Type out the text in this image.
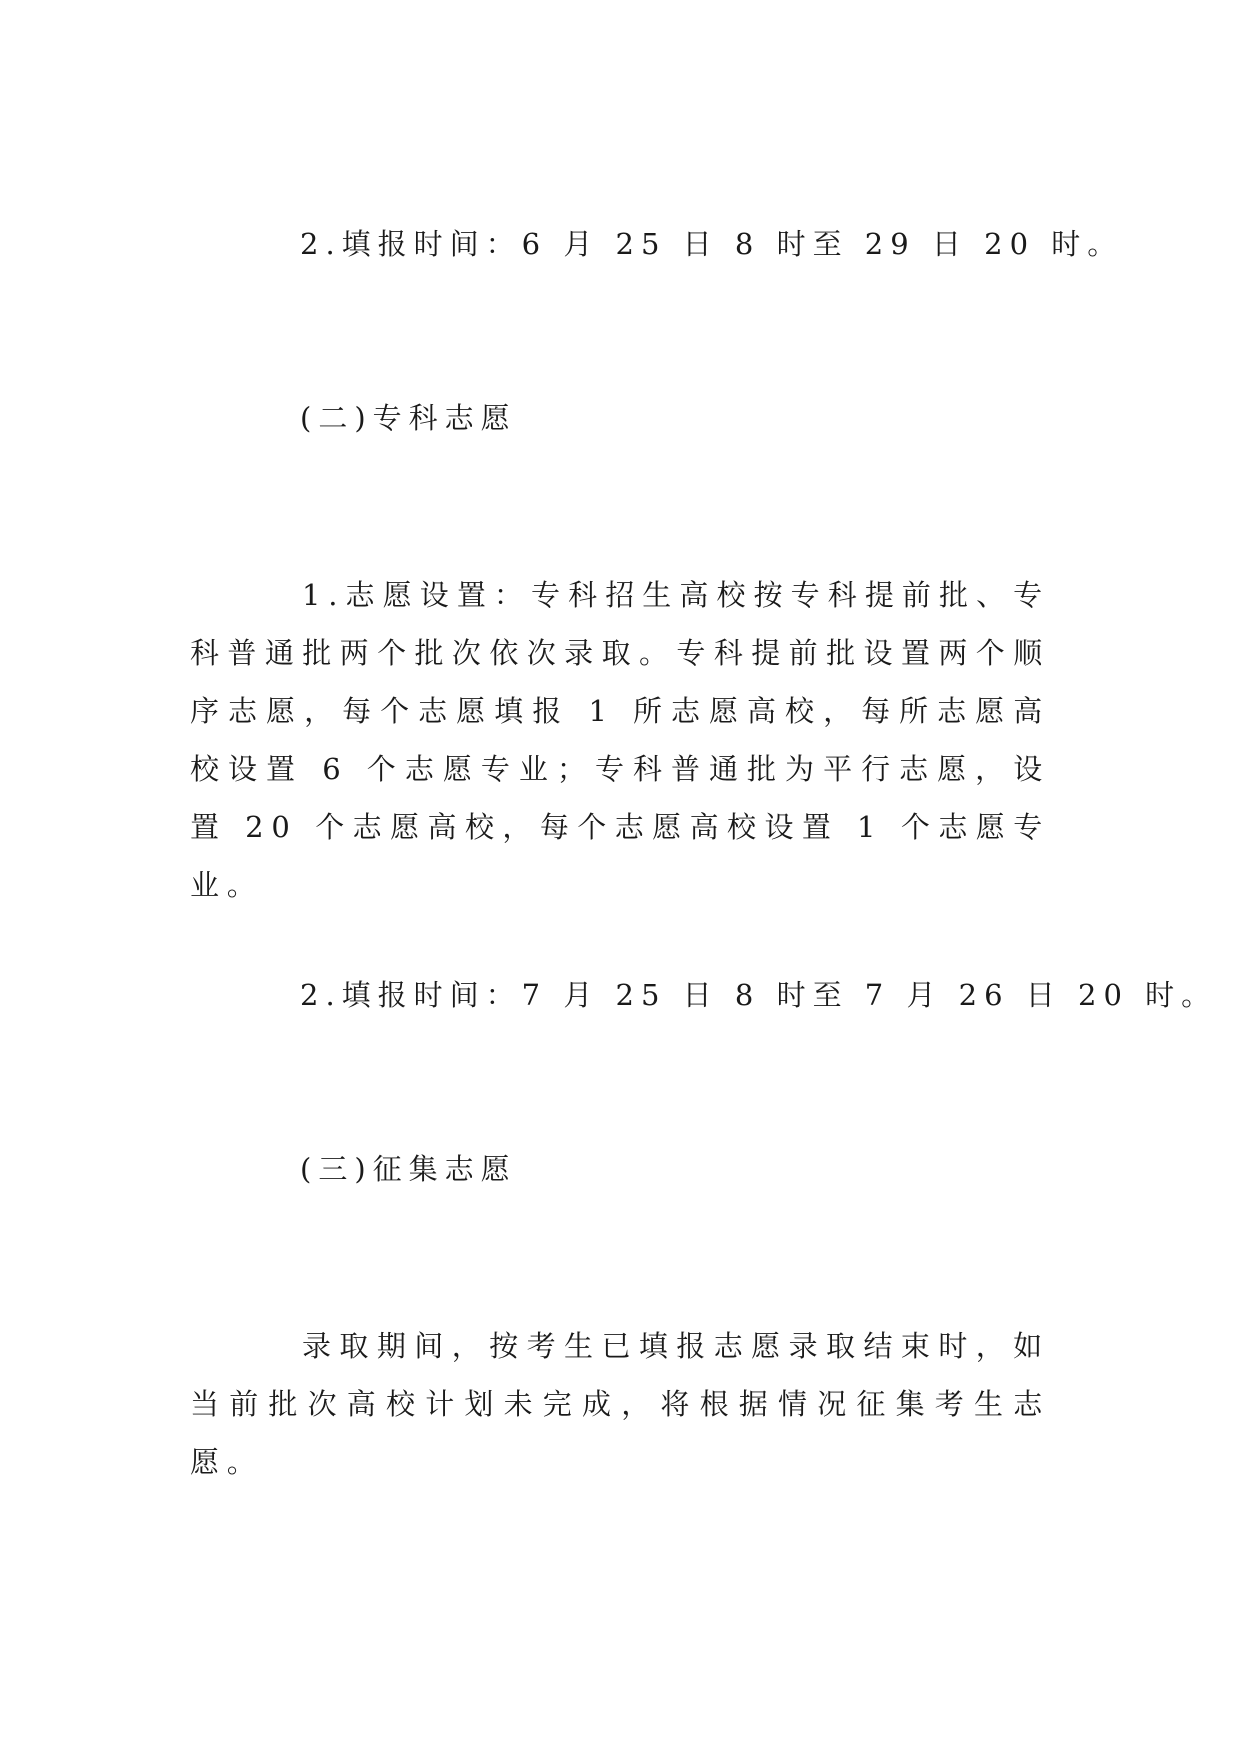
2.填报时间：6 月 25 日 8 时至 29 日 20 时。

(二)专科志愿

1.志愿设置：专科招生高校按专科提前批、专科普通批两个批次依次录取。专科提前批设置两个顺序志愿，每个志愿填报 1 所志愿高校，每所志愿高校设置 6 个志愿专业；专科普通批为平行志愿，设置 20 个志愿高校，每个志愿高校设置 1 个志愿专业。

2.填报时间：7 月 25 日 8 时至 7 月 26 日 20 时。

(三)征集志愿

录取期间，按考生已填报志愿录取结束时，如当前批次高校计划未完成，将根据情况征集考生志愿。
